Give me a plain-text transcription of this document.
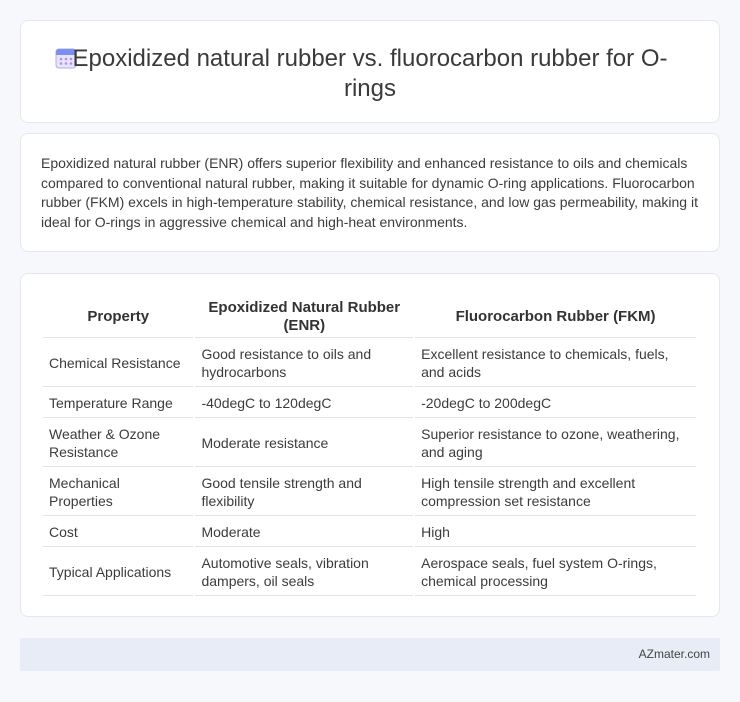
Epoxidized natural rubber vs. fluorocarbon rubber for O-rings

Epoxidized natural rubber (ENR) offers superior flexibility and enhanced resistance to oils and chemicals compared to conventional natural rubber, making it suitable for dynamic O-ring applications. Fluorocarbon rubber (FKM) excels in high-temperature stability, chemical resistance, and low gas permeability, making it ideal for O-rings in aggressive chemical and high-heat environments.

Property	Epoxidized Natural Rubber (ENR)	Fluorocarbon Rubber (FKM)
Chemical Resistance	Good resistance to oils and hydrocarbons	Excellent resistance to chemicals, fuels, and acids
Temperature Range	-40degC to 120degC	-20degC to 200degC
Weather & Ozone Resistance	Moderate resistance	Superior resistance to ozone, weathering, and aging
Mechanical Properties	Good tensile strength and flexibility	High tensile strength and excellent compression set resistance
Cost	Moderate	High
Typical Applications	Automotive seals, vibration dampers, oil seals	Aerospace seals, fuel system O-rings, chemical processing
AZmater.com
